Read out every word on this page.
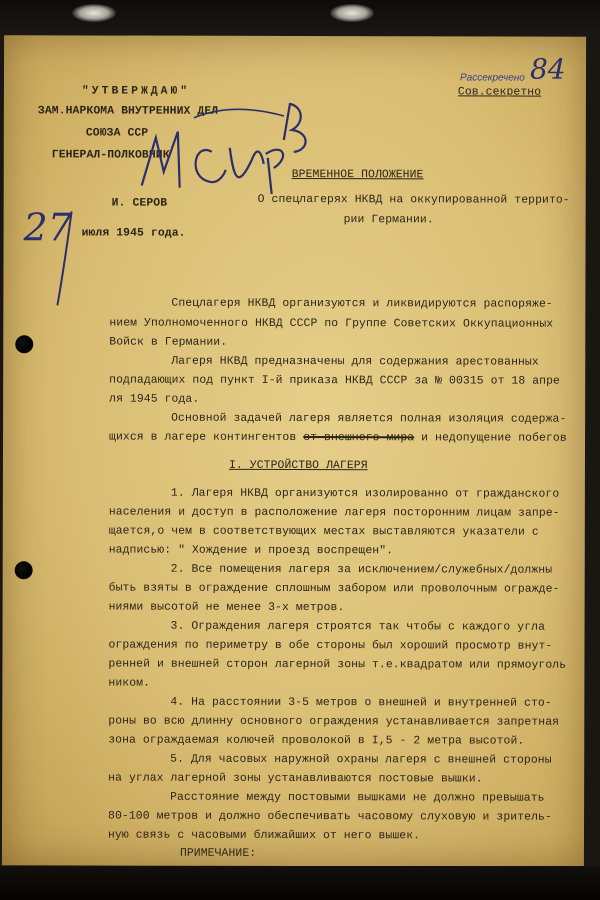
"УТВЕРЖДАЮ"
ЗАМ.НАРКОМА ВНУТРЕННИХ ДЕЛ
СОЮЗА ССР
ГЕНЕРАЛ-ПОЛКОВНИК
И. СЕРОВ
июля 1945 года.
27
Рассекречено
Сов.секретно
84
ВРЕМЕННОЕ ПОЛОЖЕНИЕ
О спецлагерях НКВД на оккупированной террито-
рии Германии.
Спецлагеря НКВД организуются и ликвидируются распоряже-
нием Уполномоченного НКВД СССР по Группе Советских Оккупационных
Войск в Германии.
Лагеря НКВД предназначены для содержания арестованных
подпадающих под пункт I-й приказа НКВД СССР за № 00315 от 18 апре
ля 1945 года.
Основной задачей лагеря является полная изоляция содержа-
щихся в лагере контингентов от внешнего мира и недопущение побегов
I. УСТРОЙСТВО ЛАГЕРЯ
1. Лагеря НКВД организуются изолированно от гражданского
населения и доступ в расположение лагеря посторонним лицам запре-
щается,о чем в соответствующих местах выставляются указатели с
надписью: " Хождение и проезд воспрещен".
2. Все помещения лагеря за исключением/служебных/должны
быть взяты в ограждение сплошным забором или проволочным огражде-
ниями высотой не менее 3-х метров.
3. Ограждения лагеря строятся так чтобы с каждого угла
ограждения по периметру в обе стороны был хороший просмотр внут-
ренней и внешней сторон лагерной зоны т.е.квадратом или прямоуголь
ником.
4. На расстоянии 3-5 метров о внешней и внутренней сто-
роны во всю длинну основного ограждения устанавливается запретная
зона ограждаемая колючей проволокой в I,5 - 2 метра высотой.
5. Для часовых наружной охраны лагеря с внешней стороны
на углах лагерной зоны устанавливаются постовые вышки.
Расстояние между постовыми вышками не должно превышать
80-100 метров и должно обеспечивать часовому слуховую и зритель-
ную связь с часовыми ближайших от него вышек.
ПРИМЕЧАНИЕ:
